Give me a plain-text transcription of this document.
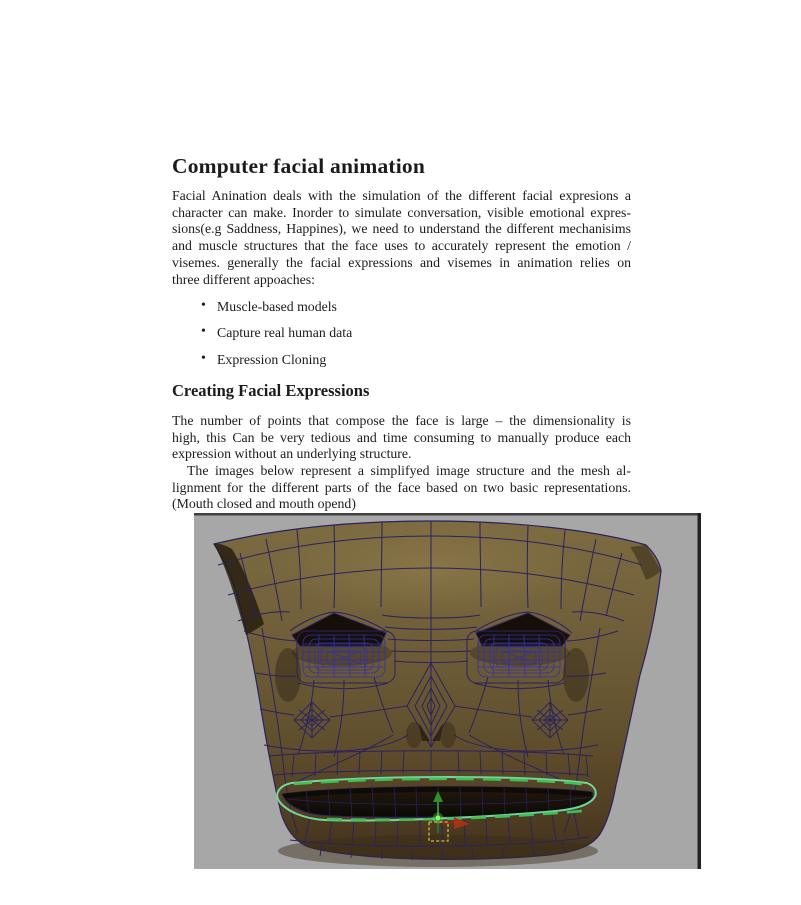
Computer facial animation
Facial Anination deals with the simulation of the different facial expresions a
character can make. Inorder to simulate conversation, visible emotional expres-
sions(e.g Saddness, Happines), we need to understand the different mechanisims
and muscle structures that the face uses to accurately represent the emotion /
visemes. generally the facial expressions and visemes in animation relies on
three different appoaches:
• Muscle-based models
• Capture real human data
• Expression Cloning
Creating Facial Expressions
The number of points that compose the face is large – the dimensionality is
high, this Can be very tedious and time consuming to manually produce each
expression without an underlying structure.
The images below represent a simplifyed image structure and the mesh al-
lignment for the different parts of the face based on two basic representations.
(Mouth closed and mouth opend)
